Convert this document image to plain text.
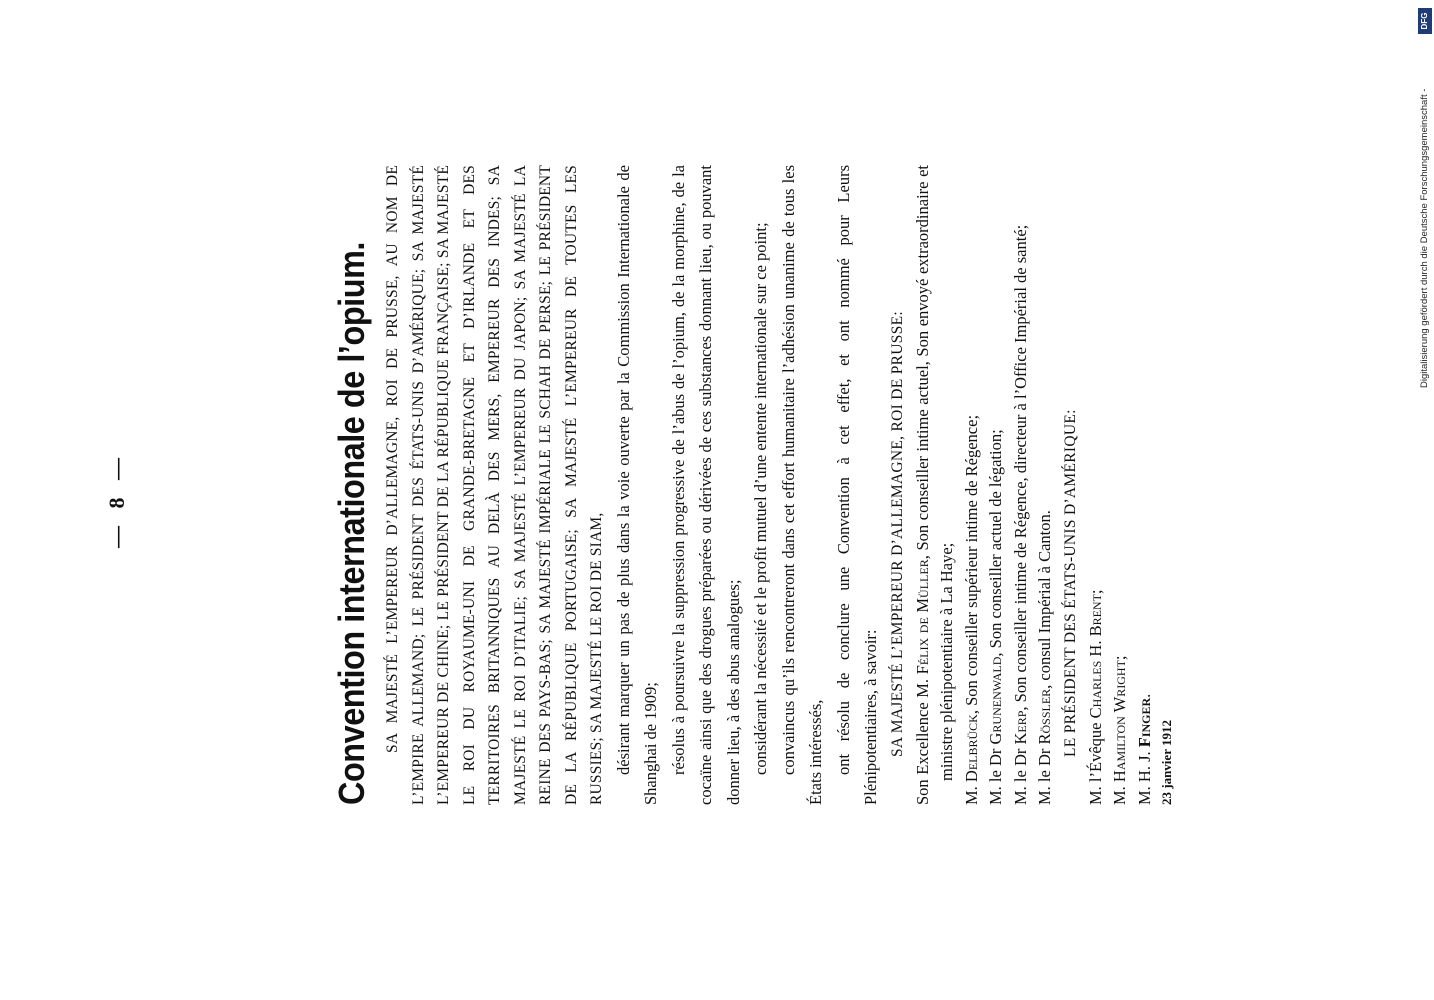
— 8 —	Convention internationale de l’opium. SA MAJESTÉ L’EMPEREUR D’ALLEMAGNE, ROI DE PRUSSE, AU NOM DE L’EMPIRE ALLEMAND; LE PRÉSIDENT DES ÉTATS-UNIS D’AMÉRIQUE; SA MAJESTÉ L’EMPEREUR DE CHINE; LE PRÉSIDENT DE LA RÉPUBLIQUE FRANÇAISE; SA MAJESTÉ LE ROI DU ROYAUME-UNI DE GRANDE-BRETAGNE ET D’IRLANDE ET DES TERRITOIRES BRITANNIQUES AU DELÀ DES MERS, EMPEREUR DES INDES; SA MAJESTÉ LE ROI D’ITALIE; SA MAJESTÉ L’EMPEREUR DU JAPON; SA MAJESTÉ LA REINE DES PAYS-BAS; SA MAJESTÉ IMPÉRIALE LE SCHAH DE PERSE; LE PRÉSIDENT DE LA RÉPUBLIQUE PORTUGAISE; SA MAJESTÉ L’EMPEREUR DE TOUTES LES RUSSIES; SA MAJESTÉ LE ROI DE SIAM, désirant marquer un pas de plus dans la voie ouverte par la Commission Internationale de Shanghai de 1909; résolus à poursuivre la suppression progressive de l’abus de l’opium, de la morphine, de la cocaïne ainsi que des drogues préparées ou dérivées de ces substances donnant lieu, ou pouvant donner lieu, à des abus analogues; considérant la nécessité et le profit mutuel d’une entente internationale sur ce point; convaincus qu’ils rencontreront dans cet effort humanitaire l’adhésion unanime de tous les États intéressés, ont résolu de conclure une Convention à cet effet, et ont nommé pour Leurs Plénipotentiaires, à savoir: SA MAJESTÉ L’EMPEREUR D’ALLEMAGNE, ROI DE PRUSSE: Son Excellence M. Félix de Müller, Son conseiller intime actuel, Son envoyé extraordinaire et ministre plénipotentiaire à La Haye;

M. Delbrück, Son conseiller supérieur intime de Régence;

M. le Dr Grunenwald, Son conseiller actuel de légation;

M. le Dr Kerp, Son conseiller intime de Régence, directeur à l’Office Impérial de santé;

M. le Dr Rössler, consul Impérial à Canton. LE PRÉSIDENT DES ÉTATS-UNIS D’AMÉRIQUE:

M. l’Évêque Charles H. Brent;

M. Hamilton Wright;

M. H. J. Finger.

23 janvier 1912
Digitalisierung gefördert durch die Deutsche Forschungsgemeinschaft -
DFG
